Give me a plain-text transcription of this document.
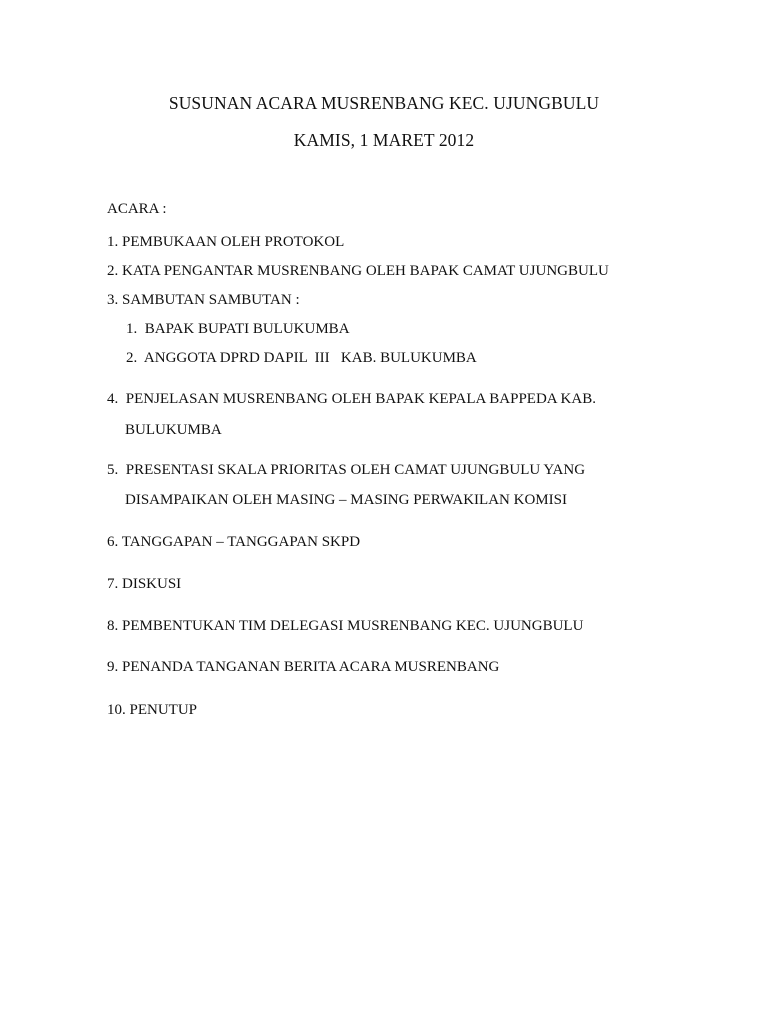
SUSUNAN ACARA MUSRENBANG KEC. UJUNGBULU
KAMIS, 1 MARET 2012
ACARA :
1. PEMBUKAAN OLEH PROTOKOL
2. KATA PENGANTAR MUSRENBANG OLEH BAPAK CAMAT UJUNGBULU
3. SAMBUTAN SAMBUTAN :
1.  BAPAK BUPATI BULUKUMBA
2.  ANGGOTA DPRD DAPIL  III   KAB. BULUKUMBA
4.  PENJELASAN MUSRENBANG OLEH BAPAK KEPALA BAPPEDA KAB.
BULUKUMBA
5.  PRESENTASI SKALA PRIORITAS OLEH CAMAT UJUNGBULU YANG
DISAMPAIKAN OLEH MASING – MASING PERWAKILAN KOMISI
6. TANGGAPAN – TANGGAPAN SKPD
7. DISKUSI
8. PEMBENTUKAN TIM DELEGASI MUSRENBANG KEC. UJUNGBULU
9. PENANDA TANGANAN BERITA ACARA MUSRENBANG
10. PENUTUP
